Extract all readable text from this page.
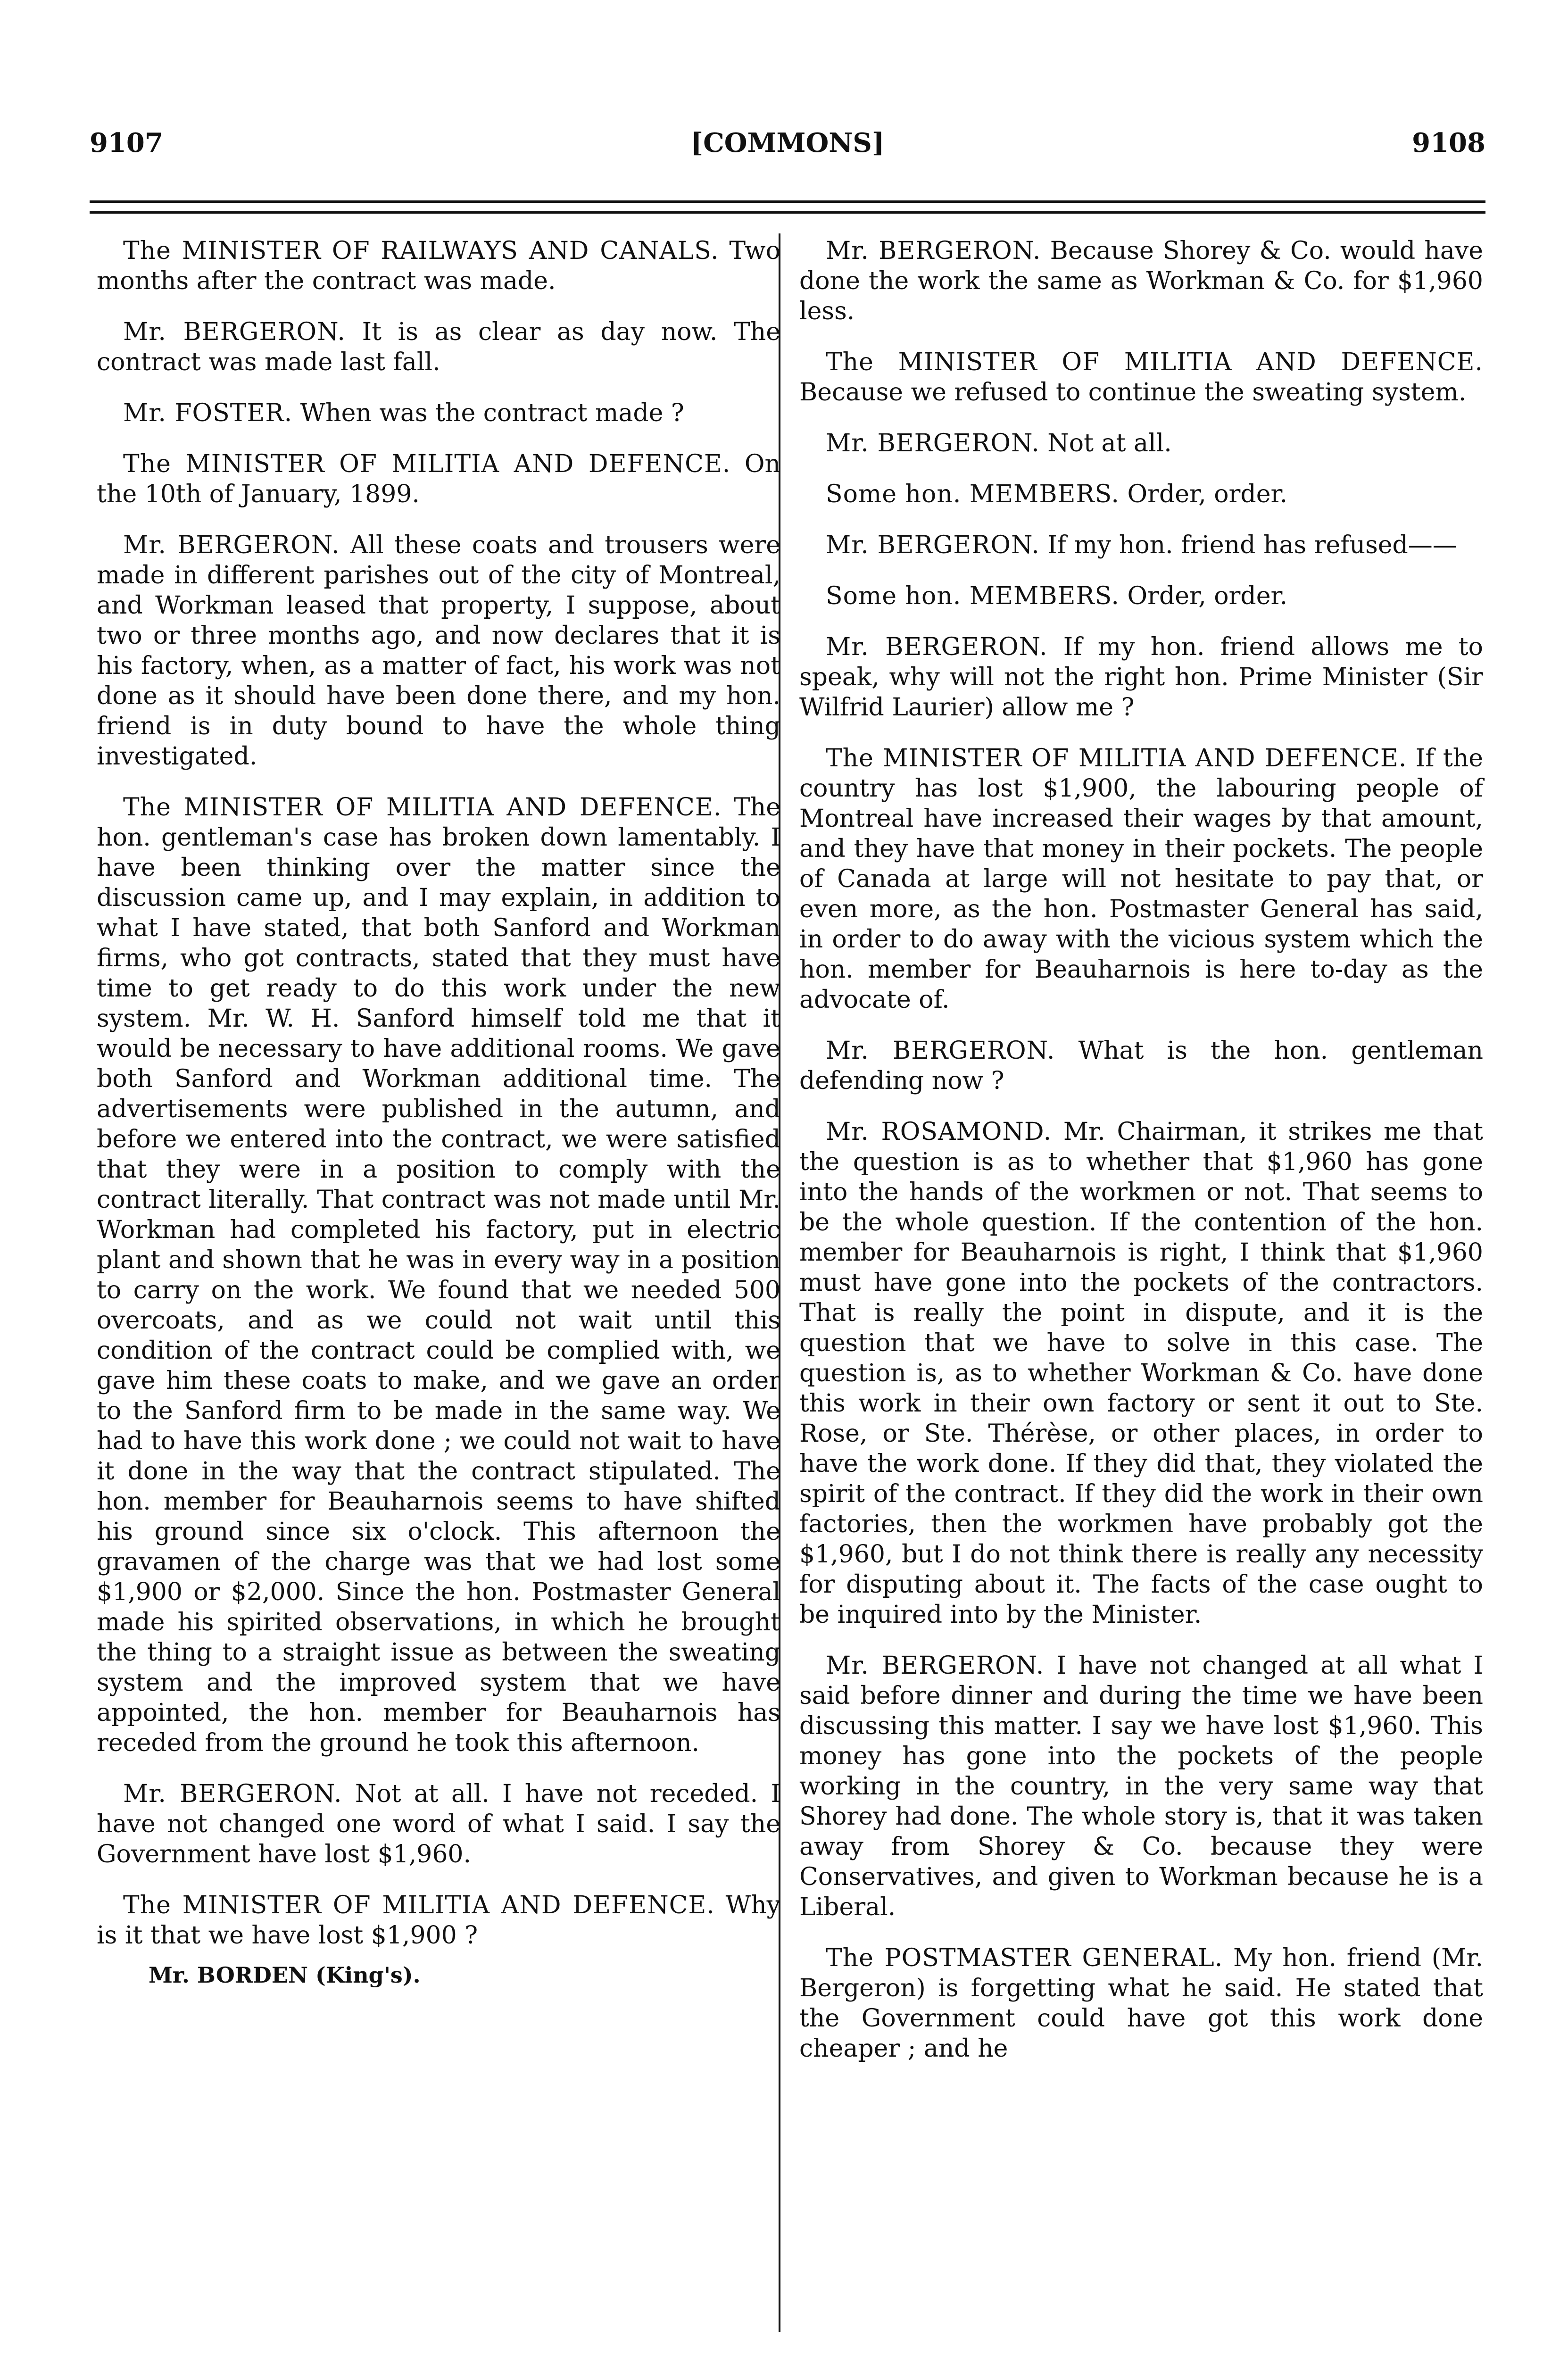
9107	[COMMONS]	9108

The MINISTER OF RAILWAYS AND CANALS. Two months after the contract was made.

Mr. BERGERON. It is as clear as day now. The contract was made last fall.

Mr. FOSTER. When was the contract made ?

The MINISTER OF MILITIA AND DEFENCE. On the 10th of January, 1899.

Mr. BERGERON. All these coats and trousers were made in different parishes out of the city of Montreal, and Workman leased that property, I suppose, about two or three months ago, and now declares that it is his factory, when, as a matter of fact, his work was not done as it should have been done there, and my hon. friend is in duty bound to have the whole thing investigated.

The MINISTER OF MILITIA AND DEFENCE. The hon. gentleman's case has broken down lamentably. I have been thinking over the matter since the discussion came up, and I may explain, in addition to what I have stated, that both Sanford and Workman firms, who got contracts, stated that they must have time to get ready to do this work under the new system. Mr. W. H. Sanford himself told me that it would be necessary to have additional rooms. We gave both Sanford and Workman additional time. The advertisements were published in the autumn, and before we entered into the contract, we were satisfied that they were in a position to comply with the contract literally. That contract was not made until Mr. Workman had completed his factory, put in electric plant and shown that he was in every way in a position to carry on the work. We found that we needed 500 overcoats, and as we could not wait until this condition of the contract could be complied with, we gave him these coats to make, and we gave an order to the Sanford firm to be made in the same way. We had to have this work done ; we could not wait to have it done in the way that the contract stipulated. The hon. member for Beauharnois seems to have shifted his ground since six o'clock. This afternoon the gravamen of the charge was that we had lost some $1,900 or $2,000. Since the hon. Postmaster General made his spirited observations, in which he brought the thing to a straight issue as between the sweating system and the improved system that we have appointed, the hon. member for Beauharnois has receded from the ground he took this afternoon.

Mr. BERGERON. Not at all. I have not receded. I have not changed one word of what I said. I say the Government have lost $1,960.

The MINISTER OF MILITIA AND DEFENCE. Why is it that we have lost $1,900 ?

Mr. BORDEN (King's).

Mr. BERGERON. Because Shorey & Co. would have done the work the same as Workman & Co. for $1,960 less.

The MINISTER OF MILITIA AND DEFENCE. Because we refused to continue the sweating system.

Mr. BERGERON. Not at all.

Some hon. MEMBERS. Order, order.

Mr. BERGERON. If my hon. friend has refused——

Some hon. MEMBERS. Order, order.

Mr. BERGERON. If my hon. friend allows me to speak, why will not the right hon. Prime Minister (Sir Wilfrid Laurier) allow me ?

The MINISTER OF MILITIA AND DEFENCE. If the country has lost $1,900, the labouring people of Montreal have increased their wages by that amount, and they have that money in their pockets. The people of Canada at large will not hesitate to pay that, or even more, as the hon. Postmaster General has said, in order to do away with the vicious system which the hon. member for Beauharnois is here to-day as the advocate of.

Mr. BERGERON. What is the hon. gentleman defending now ?

Mr. ROSAMOND. Mr. Chairman, it strikes me that the question is as to whether that $1,960 has gone into the hands of the workmen or not. That seems to be the whole question. If the contention of the hon. member for Beauharnois is right, I think that $1,960 must have gone into the pockets of the contractors. That is really the point in dispute, and it is the question that we have to solve in this case. The question is, as to whether Workman & Co. have done this work in their own factory or sent it out to Ste. Rose, or Ste. Thérèse, or other places, in order to have the work done. If they did that, they violated the spirit of the contract. If they did the work in their own factories, then the workmen have probably got the $1,960, but I do not think there is really any necessity for disputing about it. The facts of the case ought to be inquired into by the Minister.

Mr. BERGERON. I have not changed at all what I said before dinner and during the time we have been discussing this matter. I say we have lost $1,960. This money has gone into the pockets of the people working in the country, in the very same way that Shorey had done. The whole story is, that it was taken away from Shorey & Co. because they were Conservatives, and given to Workman because he is a Liberal.

The POSTMASTER GENERAL. My hon. friend (Mr. Bergeron) is forgetting what he said. He stated that the Government could have got this work done cheaper ; and he
